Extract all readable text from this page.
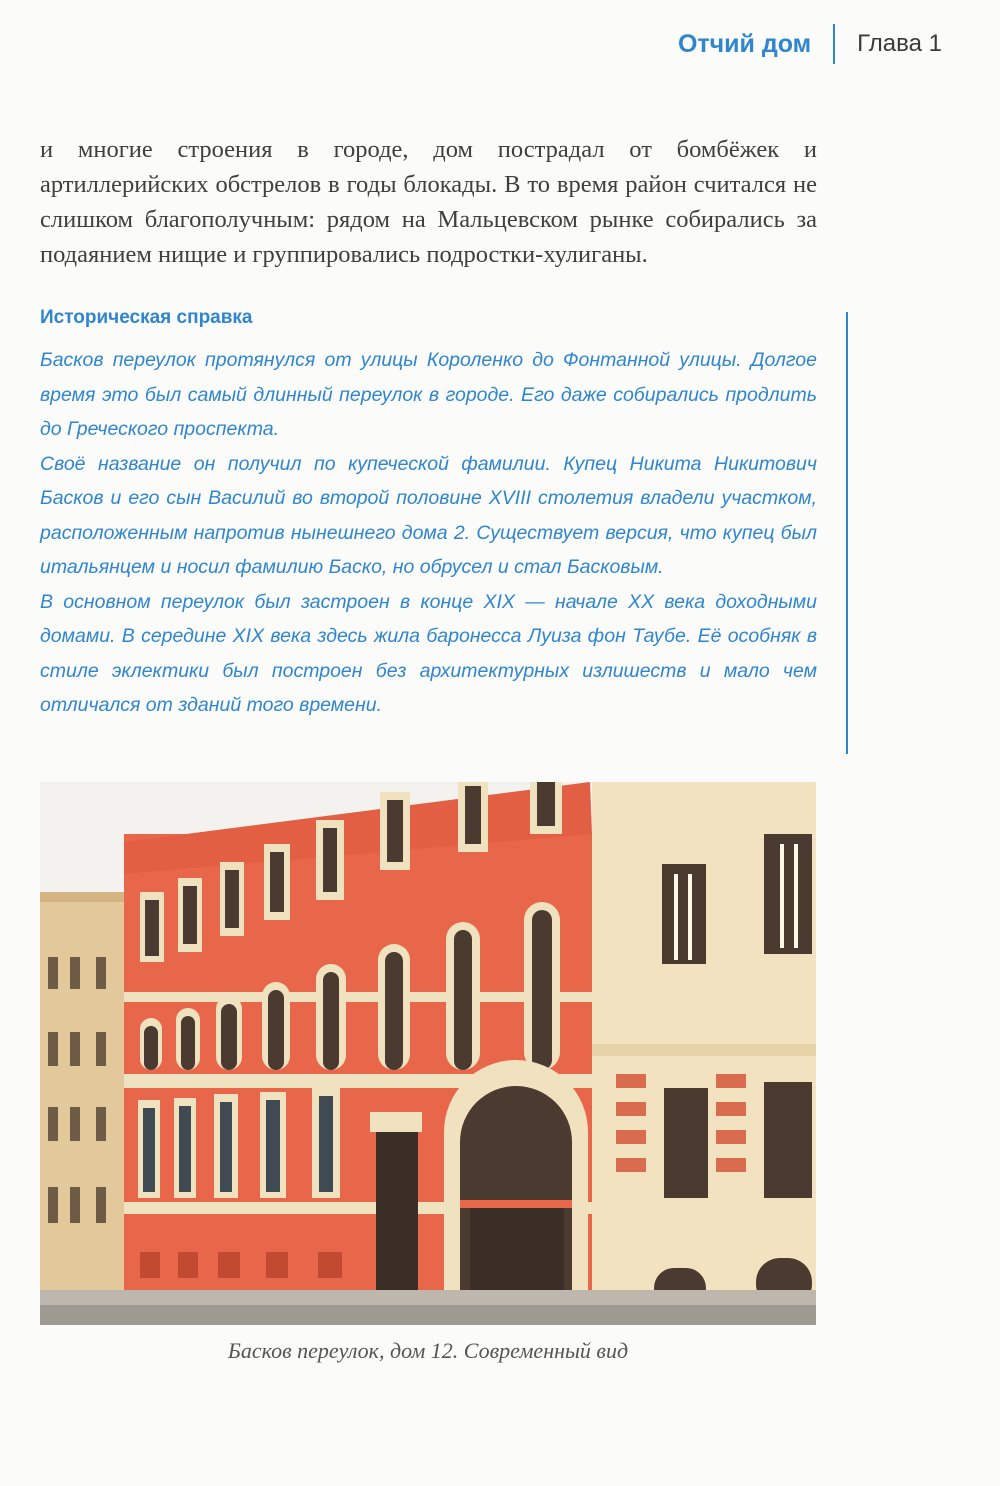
Отчий дом	Глава 1

и многие строения в городе, дом пострадал от бомбёжек и артиллерийских обстрелов в годы блокады. В то время район считался не слишком благополучным: рядом на Мальцевском рынке собирались за подаянием нищие и группировались подростки-хулиганы.

Историческая справка

Басков переулок протянулся от улицы Короленко до Фонтанной улицы. Долгое время это был самый длинный переулок в городе. Его даже собирались продлить до Греческого проспекта.

Своё название он получил по купеческой фамилии. Купец Никита Никитович Басков и его сын Василий во второй половине XVIII столетия владели участком, расположенным напротив нынешнего дома 2. Существует версия, что купец был итальянцем и носил фамилию Баско, но обрусел и стал Басковым.

В основном переулок был застроен в конце XIX — начале XX века доходными домами. В середине XIX века здесь жила баронесса Луиза фон Таубе. Её особняк в стиле эклектики был построен без архитектурных излишеств и мало чем отличался от зданий того времени.

Басков переулок, дом 12. Современный вид
